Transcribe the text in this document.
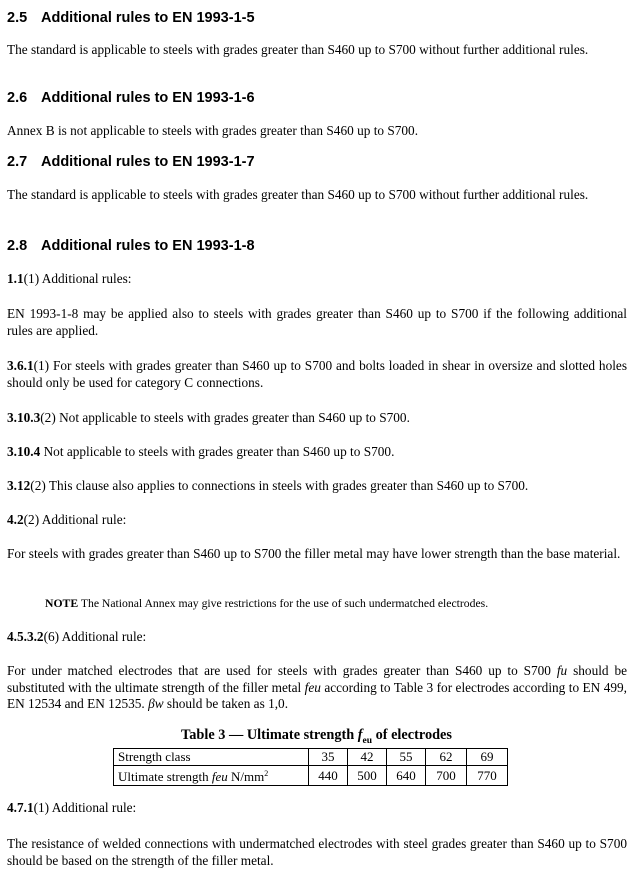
2.5 Additional rules to EN 1993-1-5

The standard is applicable to steels with grades greater than S460 up to S700 without further additional rules.

2.6 Additional rules to EN 1993-1-6

Annex B is not applicable to steels with grades greater than S460 up to S700.

2.7 Additional rules to EN 1993-1-7

The standard is applicable to steels with grades greater than S460 up to S700 without further additional rules.

2.8 Additional rules to EN 1993-1-8

1.1(1) Additional rules:

EN 1993-1-8 may be applied also to steels with grades greater than S460 up to S700 if the following additional rules are applied.

3.6.1(1) For steels with grades greater than S460 up to S700 and bolts loaded in shear in oversize and slotted holes should only be used for category C connections.

3.10.3(2) Not applicable to steels with grades greater than S460 up to S700.

3.10.4 Not applicable to steels with grades greater than S460 up to S700.

3.12(2) This clause also applies to connections in steels with grades greater than S460 up to S700.

4.2(2) Additional rule:

For steels with grades greater than S460 up to S700 the filler metal may have lower strength than the base material.

NOTE The National Annex may give restrictions for the use of such undermatched electrodes.

4.5.3.2(6) Additional rule:

For under matched electrodes that are used for steels with grades greater than S460 up to S700 fu should be substituted with the ultimate strength of the filler metal feu according to Table 3 for electrodes according to EN 499, EN 12534 and EN 12535. βw should be taken as 1,0.

Table 3 — Ultimate strength $f_{eu}$ of electrodes

Strength class	35	42	55	62	69
Ultimate strength feu $N/mm^2$	440	500	640	700	770

4.7.1(1) Additional rule:

The resistance of welded connections with undermatched electrodes with steel grades greater than S460 up to S700 should be based on the strength of the filler metal.
